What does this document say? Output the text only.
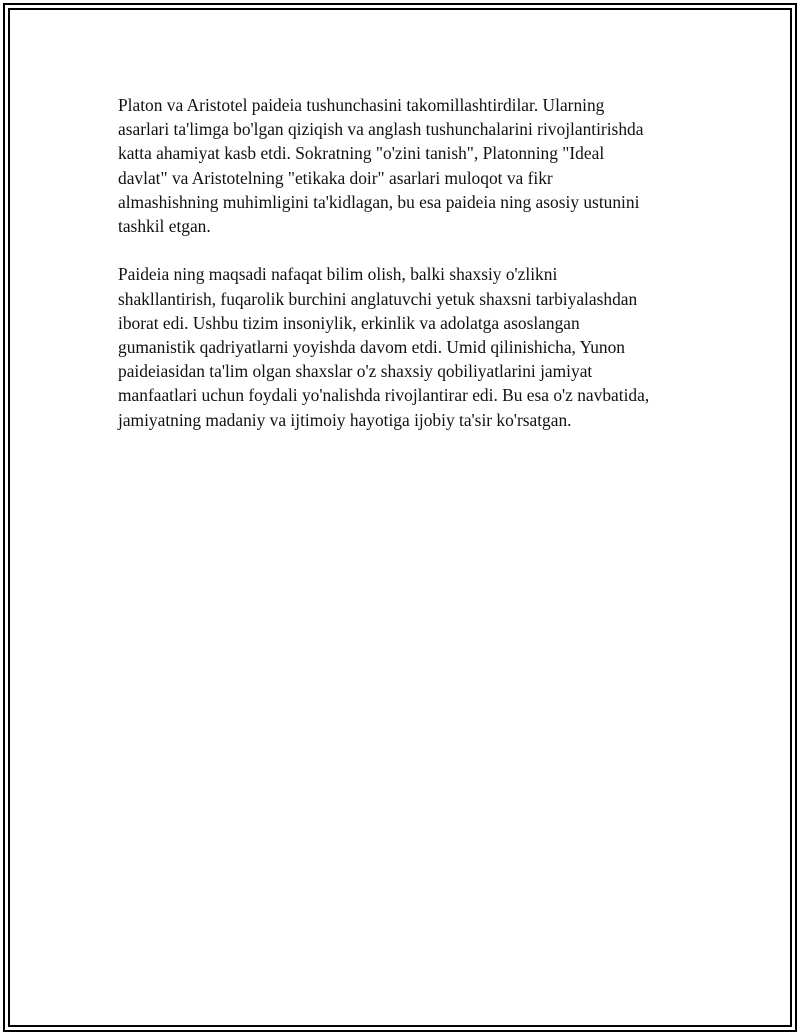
Platon va Aristotel paideia tushunchasini takomillashtirdilar. Ularning
asarlari ta'limga bo'lgan qiziqish va anglash tushunchalarini rivojlantirishda
katta ahamiyat kasb etdi. Sokratning "o'zini tanish", Platonning "Ideal
davlat" va Aristotelning "etikaka doir" asarlari muloqot va fikr
almashishning muhimligini ta'kidlagan, bu esa paideia ning asosiy ustunini
tashkil etgan.

Paideia ning maqsadi nafaqat bilim olish, balki shaxsiy o'zlikni
shakllantirish, fuqarolik burchini anglatuvchi yetuk shaxsni tarbiyalashdan
iborat edi. Ushbu tizim insoniylik, erkinlik va adolatga asoslangan
gumanistik qadriyatlarni yoyishda davom etdi. Umid qilinishicha, Yunon
paideiasidan ta'lim olgan shaxslar o'z shaxsiy qobiliyatlarini jamiyat
manfaatlari uchun foydali yo'nalishda rivojlantirar edi. Bu esa o'z navbatida,
jamiyatning madaniy va ijtimoiy hayotiga ijobiy ta'sir ko'rsatgan.
